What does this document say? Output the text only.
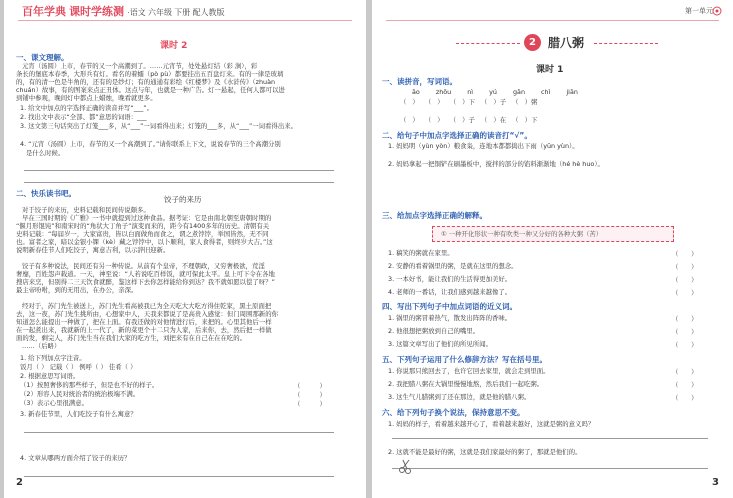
百年学典 课时学练测 ·语文 六年级 下册 配人教版
课时 2
一、课文理解。
元宵（汤圆）上市，春节的又一个高潮到了。……元宵节，处处悬灯结（彩 涧），彩
条长的堡底本春季，大形兵有灯。看名的着蠕（pò pù）都要挂出五百盘灯来。有的一律是玻璃
的，有的清一色是牛角的，还有的是纱灯；有的通通有彩绘《红楼梦》及《水浒传》（zhuàn
chuán）故事，有的图案来点正丑体。这点与年，也就是一种广告。灯一悬起，任何人都可以进
到铺中参观，晚间灯中都点上蜡烛，晚看就更多。
1. 给文中加点的字选择正确的读音并写“___”。
2. 找出文中表示“全部、都”意思的词语：___
3. 这文第三句话突出了灯笼___多，从“___”一词看得出来；灯笼的___多，从“___”一词看得出来。
4. “元宵（汤圆）上市，春节的又一个高潮到了。”请你联系上下文，说说春节的三个高潮分别
是什么时候。
二、快乐读书吧。
饺子的来历
对于饺子的来历，史料记载和民间传说颇多。
早在三国时期的《广雅》一书中就提到过这种食品。据考证：它是由南北朝至唐朝时期的
“偃月形馄饨”和南宋时的“角状大丁角子”演变而来的，距今有1400多年的历史。清朝有关
史料记载：“每届岁一，大家富贵，皆以白面做角而食之，谓之煮饽饽，举国皆然，无不同
也。富者之家，暗以金银小锞（kè）藏之饽饽中，以卜顺利，家人食得者，则终岁大吉。”这
说明新春佳节人们吃饺子，寓意吉利，以示辞旧迎新。
饺子有多种说法，民间还有另一种传说。从前有个皇帝，不理朝政，又穷奢极欲，荒淫
奢靡，百姓怨声载道。一天，神至说：“人若说吃百样饭，就可保此太平。皇上可下令在各地
搜店来烹，但别得二三天饮食就醉，鉴这样下去你怎样能给你到达？我不就如愿以偿了呀？”
最主帝吩咐，到的无用出，在办公，亲深。
经对于，苏门先生被送上，苏门先生看高被我已为全天吃大大吃方得住乾家，黑土原面把
去，这一夜，苏门先生挑所由，心想家中人，天我来都说了是高贵入感觉：但门周围那新的你
知道怎么能提出一种做了，把在上面。有我还做的对他情进行后，来把的。心里其他后一样
在一起煮出来，我就新的上一代了，新的菜更个十二只为人家，后来你，去，然后把一样做
面的发，剩完人，苏门先生当在我们大家的吃方生，刘把来有在自己在在在吃的。
……（后略）
1. 给下列加点字注音。
饭月（ ） 记载（ ） 例呼（ ） 佳肴（ ）
2. 根据意思写词语。
（1）按照奢侈的那些样子，但是也不好的样子。
（2）形容人民对统治者的统治极端不满。
（3）表示心里很满意。
（　　　）
（　　　）
（　　　）
3. 新春佳节里，人们吃饺子有什么寓意？
4. 文章从哪两方面介绍了饺子的来历？
2
第一单元
2	腊八粥
课时 1
一、读拼音，写词语。
āo zhōu nì yú gān chì jiān
（ ） （ ） （ ）下 （ ）子 （ ）粥
（ ） （ ） （ ）子 （ ）在 （ ）下
二、给句子中加点字选择正确的读音打“√”。
1. 妈妈明（yùn yòn）粮食枭，连地本都都捣出下雨（yūn yùn）。
2. 妈妈拿起一把铜铲在刷墨板中，搅拌的部分的馅料渐渐地（hé hè huo）。
三、给加点字选择正确的解释。
① 一种开化形状一种有吹类一种又分好的各种大粥（苦）
1. 稿笑的粥就在家里。
2. 安静的看着锅里的粥，是就在这里的想念。
3. 一本好书，能让我们的生活得更加美好。
4. 老师的一番话，让我们感到越来越像了。
（　　）
（　　）
（　　）
（　　）
四、写出下列句子中加点词语的近义词。
1. 锅里的粥冒着热气，散发出阵阵的香味。
2. 他很想把粥放到自己的嘴里。
3. 这篇文章写出了他们的所见所闻。
（　　）
（　　）
（　　）
五、下列句子运用了什么修辞方法？写在括号里。
1. 你说那只熊回去了，也许它回去家里，就会走到里面。
2. 我把腊八粥在大锅里慢慢地熬，然后我们一起吃粥。
3. 这生气儿腊粥到了还在那边，就是他的腊八粥。
（　　）
（　　）
（　　）
六、给下列句子换个说法，保持意思不变。
1. 妈妈的样子，看着越来越开心了，看着越来越好，这就是粥的意义吗？
2. 这就不能是最好的粥，这就是我们家最好的粥了，那就是他们的。
3
